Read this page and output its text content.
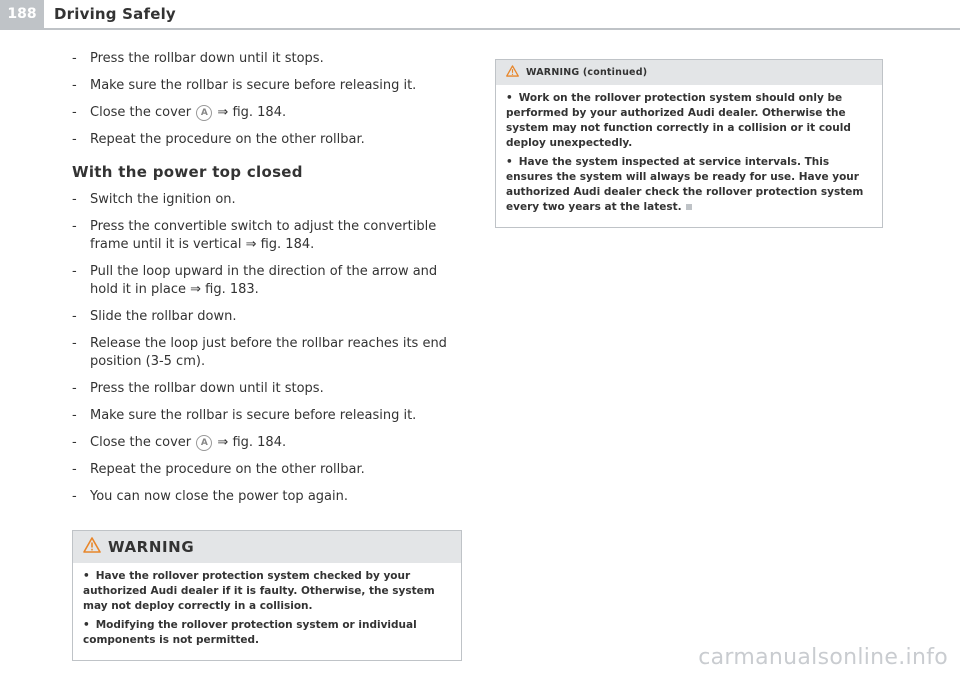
188	Driving Safely
- Press the rollbar down until it stops.
- Make sure the rollbar is secure before releasing it.
- Close the cover A ⇒ fig. 184.
- Repeat the procedure on the other rollbar.
With the power top closed
- Switch the ignition on.
- Press the convertible switch to adjust the convertible frame until it is vertical ⇒ fig. 184.
- Pull the loop upward in the direction of the arrow and hold it in place ⇒ fig. 183.
- Slide the rollbar down.
- Release the loop just before the rollbar reaches its end position (3-5 cm).
- Press the rollbar down until it stops.
- Make sure the rollbar is secure before releasing it.
- Close the cover A ⇒ fig. 184.
- Repeat the procedure on the other rollbar.
- You can now close the power top again.
WARNING
• Have the rollover protection system checked by your authorized Audi dealer if it is faulty. Otherwise, the system may not deploy correctly in a collision.
• Modifying the rollover protection system or individual components is not permitted.
WARNING (continued)
• Work on the rollover protection system should only be performed by your authorized Audi dealer. Otherwise the system may not function correctly in a collision or it could deploy unexpectedly.
• Have the system inspected at service intervals. This ensures the system will always be ready for use. Have your authorized Audi dealer check the rollover protection system every two years at the latest.
carmanualsonline.info
